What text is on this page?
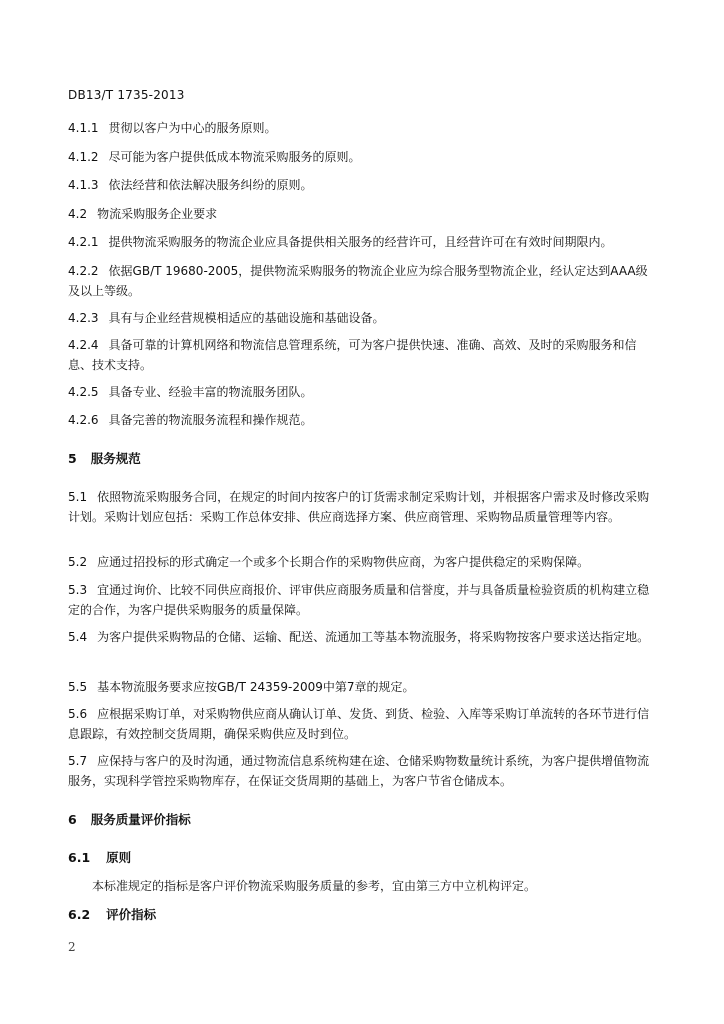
DB13/T 1735-2013
4.1.1 贯彻以客户为中心的服务原则。
4.1.2 尽可能为客户提供低成本物流采购服务的原则。
4.1.3 依法经营和依法解决服务纠纷的原则。
4.2 物流采购服务企业要求
4.2.1 提供物流采购服务的物流企业应具备提供相关服务的经营许可，且经营许可在有效时间期限内。
4.2.2 依据GB/T 19680-2005，提供物流采购服务的物流企业应为综合服务型物流企业，经认定达到AAA级及以上等级。
4.2.3 具有与企业经营规模相适应的基础设施和基础设备。
4.2.4 具备可靠的计算机网络和物流信息管理系统，可为客户提供快速、准确、高效、及时的采购服务和信息、技术支持。
4.2.5 具备专业、经验丰富的物流服务团队。
4.2.6 具备完善的物流服务流程和操作规范。
5 服务规范
5.1 依照物流采购服务合同，在规定的时间内按客户的订货需求制定采购计划，并根据客户需求及时修改采购计划。采购计划应包括：采购工作总体安排、供应商选择方案、供应商管理、采购物品质量管理等内容。
5.2 应通过招投标的形式确定一个或多个长期合作的采购物供应商，为客户提供稳定的采购保障。
5.3 宜通过询价、比较不同供应商报价、评审供应商服务质量和信誉度，并与具备质量检验资质的机构建立稳定的合作，为客户提供采购服务的质量保障。
5.4 为客户提供采购物品的仓储、运输、配送、流通加工等基本物流服务，将采购物按客户要求送达指定地。
5.5 基本物流服务要求应按GB/T 24359-2009中第7章的规定。
5.6 应根据采购订单，对采购物供应商从确认订单、发货、到货、检验、入库等采购订单流转的各环节进行信息跟踪，有效控制交货周期，确保采购供应及时到位。
5.7 应保持与客户的及时沟通，通过物流信息系统构建在途、仓储采购物数量统计系统，为客户提供增值物流服务，实现科学管控采购物库存，在保证交货周期的基础上，为客户节省仓储成本。
6 服务质量评价指标
6.1 原则
本标准规定的指标是客户评价物流采购服务质量的参考，宜由第三方中立机构评定。
6.2 评价指标
2
